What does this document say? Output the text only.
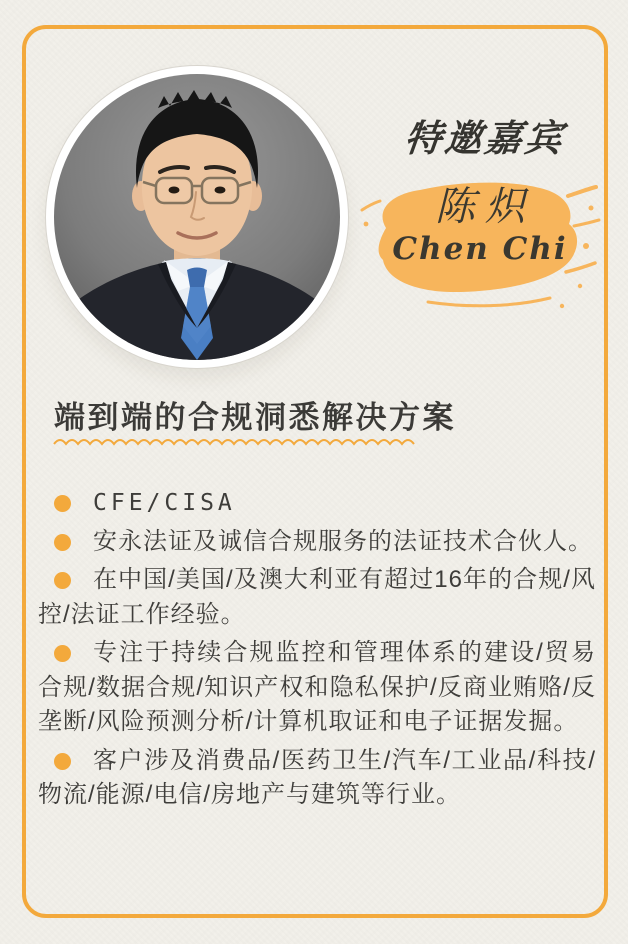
特邀嘉宾
陈炽
Chen Chi
端到端的合规洞悉解决方案

CFE/CISA

安永法证及诚信合规服务的法证技术合伙人。

在中国/美国/及澳大利亚有超过16年的合规/风控/法证工作经验。

专注于持续合规监控和管理体系的建设/贸易合规/数据合规/知识产权和隐私保护/反商业贿赂/反垄断/风险预测分析/计算机取证和电子证据发掘。

客户涉及消费品/医药卫生/汽车/工业品/科技/物流/能源/电信/房地产与建筑等行业。
